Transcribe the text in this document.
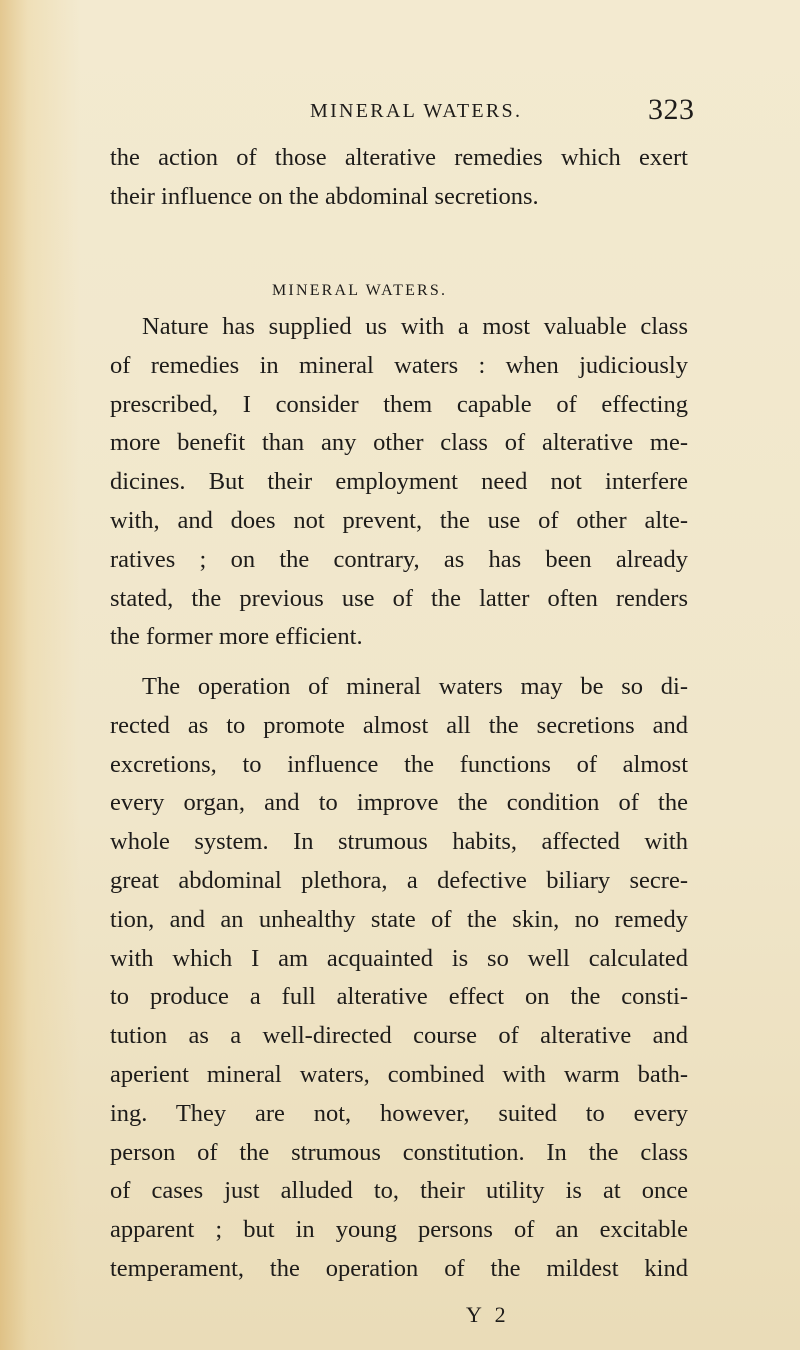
MINERAL WATERS.	323
the action of those alterative remedies which exert
their influence on the abdominal secretions.
MINERAL WATERS.
Nature has supplied us with a most valuable class
of remedies in mineral waters : when judiciously
prescribed, I consider them capable of effecting
more benefit than any other class of alterative me-
dicines. But their employment need not interfere
with, and does not prevent, the use of other alte-
ratives ; on the contrary, as has been already
stated, the previous use of the latter often renders
the former more efficient.
The operation of mineral waters may be so di-
rected as to promote almost all the secretions and
excretions, to influence the functions of almost
every organ, and to improve the condition of the
whole system. In strumous habits, affected with
great abdominal plethora, a defective biliary secre-
tion, and an unhealthy state of the skin, no remedy
with which I am acquainted is so well calculated
to produce a full alterative effect on the consti-
tution as a well-directed course of alterative and
aperient mineral waters, combined with warm bath-
ing. They are not, however, suited to every
person of the strumous constitution. In the class
of cases just alluded to, their utility is at once
apparent ; but in young persons of an excitable
temperament, the operation of the mildest kind
Y 2
